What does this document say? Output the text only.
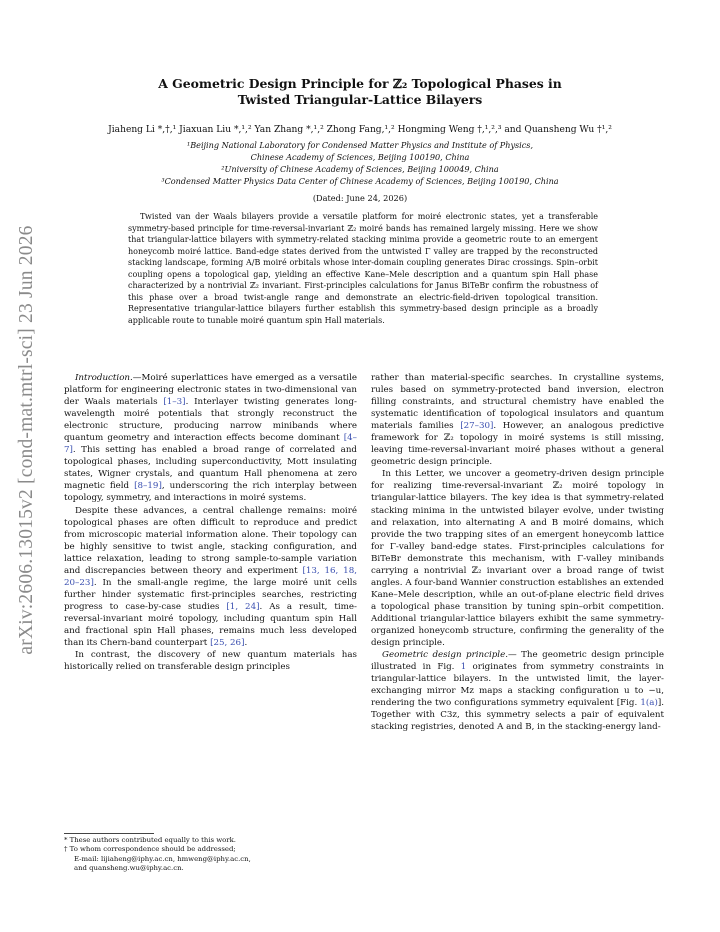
arXiv:2606.13015v2 [cond-mat.mtrl-sci] 23 Jun 2026
A Geometric Design Principle for ℤ₂ Topological Phases in
Twisted Triangular-Lattice Bilayers

Jiaheng Li *,†,¹ Jiaxuan Liu *,¹,² Yan Zhang *,¹,² Zhong Fang,¹,² Hongming Weng †,¹,²,³ and Quansheng Wu †¹,²

¹Beijing National Laboratory for Condensed Matter Physics and Institute of Physics,
Chinese Academy of Sciences, Beijing 100190, China
²University of Chinese Academy of Sciences, Beijing 100049, China
³Condensed Matter Physics Data Center of Chinese Academy of Sciences, Beijing 100190, China

(Dated: June 24, 2026)

Twisted van der Waals bilayers provide a versatile platform for moiré electronic states, yet a transferable symmetry-based principle for time-reversal-invariant ℤ₂ moiré bands has remained largely missing. Here we show that triangular-lattice bilayers with symmetry-related stacking minima provide a geometric route to an emergent honeycomb moiré lattice. Band-edge states derived from the untwisted Γ valley are trapped by the reconstructed stacking landscape, forming A/B moiré orbitals whose inter-domain coupling generates Dirac crossings. Spin–orbit coupling opens a topological gap, yielding an effective Kane–Mele description and a quantum spin Hall phase characterized by a nontrivial ℤ₂ invariant. First-principles calculations for Janus BiTeBr confirm the robustness of this phase over a broad twist-angle range and demonstrate an electric-field-driven topological transition. Representative triangular-lattice bilayers further establish this symmetry-based design principle as a broadly applicable route to tunable moiré quantum spin Hall materials.

Introduction.—Moiré superlattices have emerged as a versatile platform for engineering electronic states in two-dimensional van der Waals materials [1–3]. Interlayer twisting generates long-wavelength moiré potentials that strongly reconstruct the electronic structure, producing narrow minibands where quantum geometry and interaction effects become dominant [4–7]. This setting has enabled a broad range of correlated and topological phases, including superconductivity, Mott insulating states, Wigner crystals, and quantum Hall phenomena at zero magnetic field [8–19], underscoring the rich interplay between topology, symmetry, and interactions in moiré systems.

Despite these advances, a central challenge remains: moiré topological phases are often difficult to reproduce and predict from microscopic material information alone. Their topology can be highly sensitive to twist angle, stacking configuration, and lattice relaxation, leading to strong sample-to-sample variation and discrepancies between theory and experiment [13, 16, 18, 20–23]. In the small-angle regime, the large moiré unit cells further hinder systematic first-principles searches, restricting progress to case-by-case studies [1, 24]. As a result, time-reversal-invariant moiré topology, including quantum spin Hall and fractional spin Hall phases, remains much less developed than its Chern-band counterpart [25, 26].

In contrast, the discovery of new quantum materials has historically relied on transferable design principles

rather than material-specific searches. In crystalline systems, rules based on symmetry-protected band inversion, electron filling constraints, and structural chemistry have enabled the systematic identification of topological insulators and quantum materials families [27–30]. However, an analogous predictive framework for ℤ₂ topology in moiré systems is still missing, leaving time-reversal-invariant moiré phases without a general geometric design principle.

In this Letter, we uncover a geometry-driven design principle for realizing time-reversal-invariant ℤ₂ moiré topology in triangular-lattice bilayers. The key idea is that symmetry-related stacking minima in the untwisted bilayer evolve, under twisting and relaxation, into alternating A and B moiré domains, which provide the two trapping sites of an emergent honeycomb lattice for Γ-valley band-edge states. First-principles calculations for BiTeBr demonstrate this mechanism, with Γ-valley minibands carrying a nontrivial ℤ₂ invariant over a broad range of twist angles. A four-band Wannier construction establishes an extended Kane–Mele description, while an out-of-plane electric field drives a topological phase transition by tuning spin–orbit competition. Additional triangular-lattice bilayers exhibit the same symmetry-organized honeycomb structure, confirming the generality of the design principle.

Geometric design principle.— The geometric design principle illustrated in Fig. 1 originates from symmetry constraints in triangular-lattice bilayers. In the untwisted limit, the layer-exchanging mirror Mz maps a stacking configuration u to −u, rendering the two configurations symmetry equivalent [Fig. 1(a)]. Together with C3z, this symmetry selects a pair of equivalent stacking registries, denoted A and B, in the stacking-energy land-

* These authors contributed equally to this work.
† To whom correspondence should be addressed;
E-mail: lijiaheng@iphy.ac.cn, hmweng@iphy.ac.cn,
and quansheng.wu@iphy.ac.cn.
